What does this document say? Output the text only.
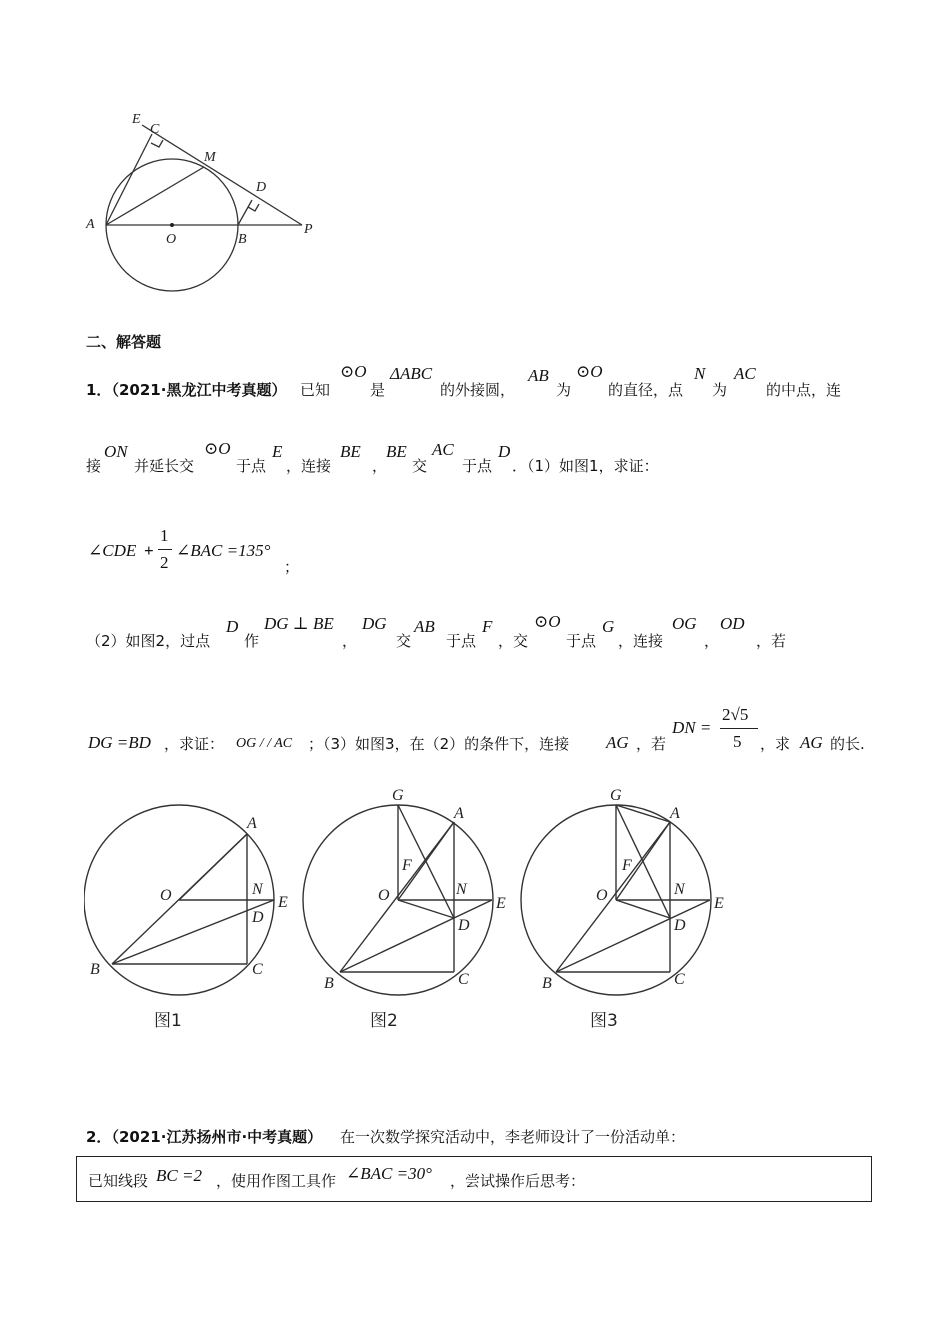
E
C
M
D
A
O	B
P
二、解答题
1．
（2021·黑龙江中考真题） 已知
⊙O
是
ΔABC
的外接圆，
AB
为
⊙O
的直径，点
N
为
AC
的中点，连
接
ON
并延长交
⊙O
于点
E
，连接
BE
，
BE
交
AC
于点
D
．（1）如图1，求证：
∠CDE +
1
2
∠BAC =135°
；
（2）如图2，过点
D
作
DG ⊥ BE
，
DG
交
AB
于点
F
，交
⊙O
于点
G
，连接
OG
，
OD
，若
DG =BD ，求证： OG / / AC ；（3）如图3，在（2）的条件下，连接 AG ，若
DN =
2√5
5 ，求 AG 的长.
A
O	N
E
D
B	C
图1
G
A
F
O	N
E
D
B	C
图2
G
A
F
O	N
E
D
B	C
图3
2．
（2021·江苏扬州市·中考真题） 在一次数学探究活动中，李老师设计了一份活动单：
已知线段 BC =2 ，使用作图工具作 ∠BAC =30° ，尝试操作后思考：
